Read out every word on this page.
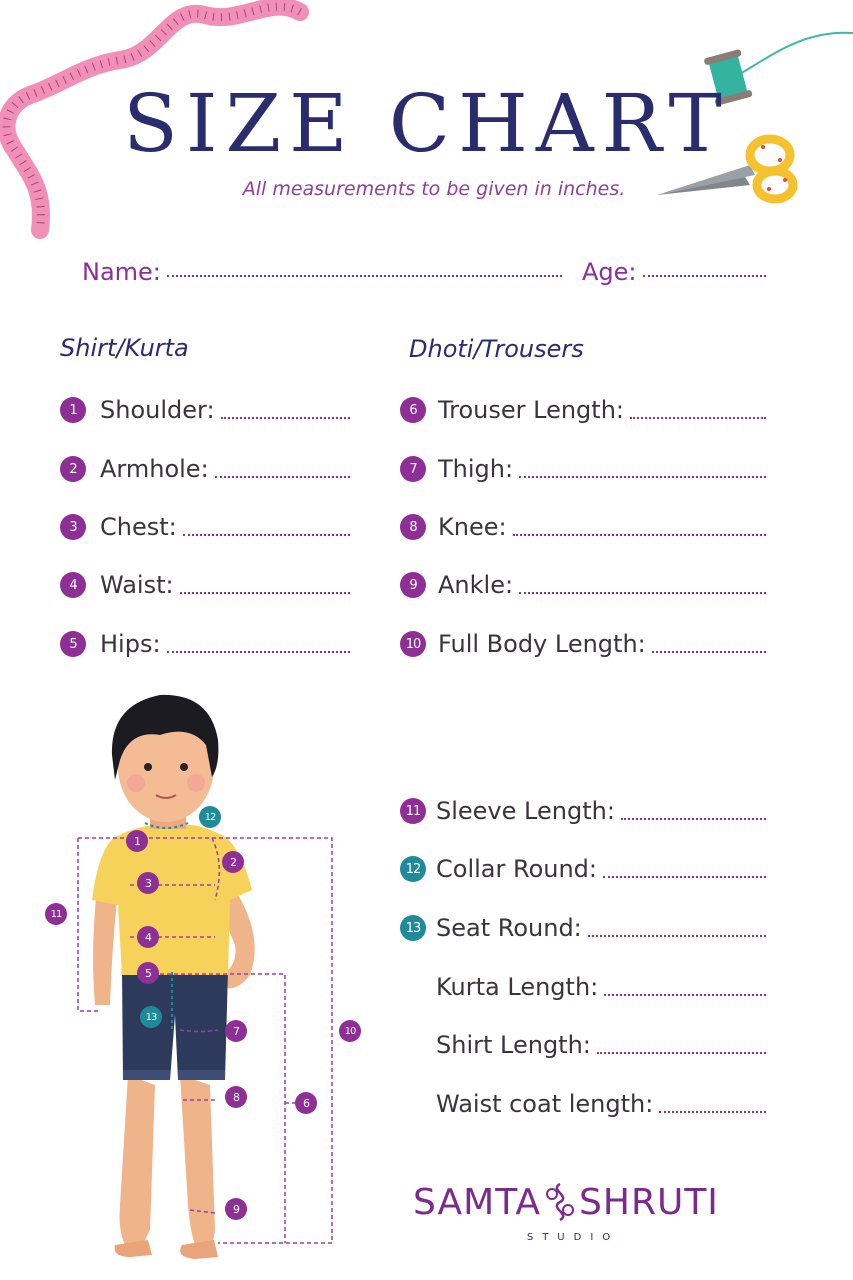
SIZE CHART
All measurements to be given in inches.
Name:	Age:
Shirt/Kurta	Dhoti/Trousers
1 Shoulder:
2 Armhole:
3 Chest:
4 Waist:
5 Hips:
6 Trouser Length:
7 Thigh:
8 Knee:
9 Ankle:
10 Full Body Length:
11 Sleeve Length:
12 Collar Round:
13 Seat Round:
Kurta Length:
Shirt Length:
Waist coat length:
1
2
3
4
5
6
7
8
9
10
11
12
13
SAMTA SHRUTI
STUDIO
